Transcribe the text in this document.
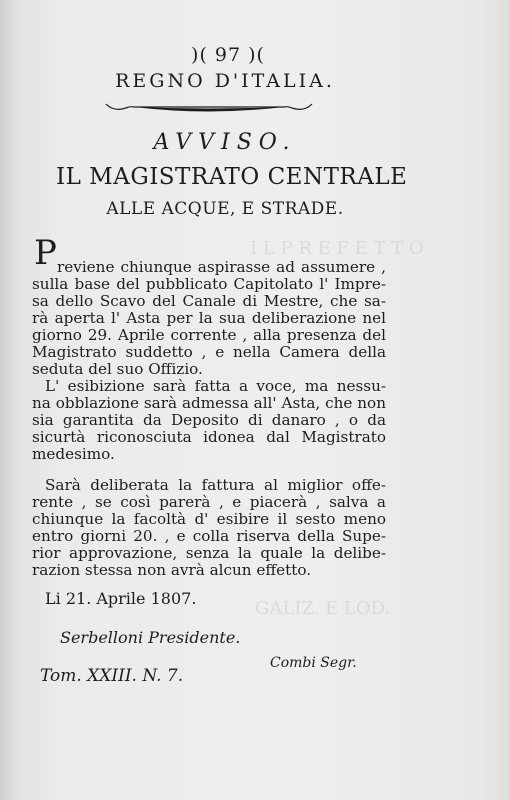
I L P R E F E T T O
GALIZ. E LOD.
)( 97 )(
REGNO D'ITALIA.
AVVISO.
IL MAGISTRATO CENTRALE
ALLE ACQUE, E STRADE.
P reviene chiunque aspirasse ad assumere ,
sulla base del pubblicato Capitolato l' Impre-
sa dello Scavo del Canale di Mestre, che sa-
rà aperta l' Asta per la sua deliberazione nel
giorno 29. Aprile corrente , alla presenza del
Magistrato suddetto , e nella Camera della
seduta del suo Offizio.
L' esibizione sarà fatta a voce, ma nessu-
na obblazione sarà admessa all' Asta, che non
sia garantita da Deposito di danaro , o da
sicurtà riconosciuta idonea dal Magistrato
medesimo.
Sarà deliberata la fattura al miglior offe-
rente , se così parerà , e piacerà , salva a
chiunque la facoltà d' esibire il sesto meno
entro giorni 20. , e colla riserva della Supe-
rior approvazione, senza la quale la delibe-
razion stessa non avrà alcun effetto.
Li 21. Aprile 1807.
Serbelloni Presidente.
Combi Segr.
Tom. XXIII. N. 7.
